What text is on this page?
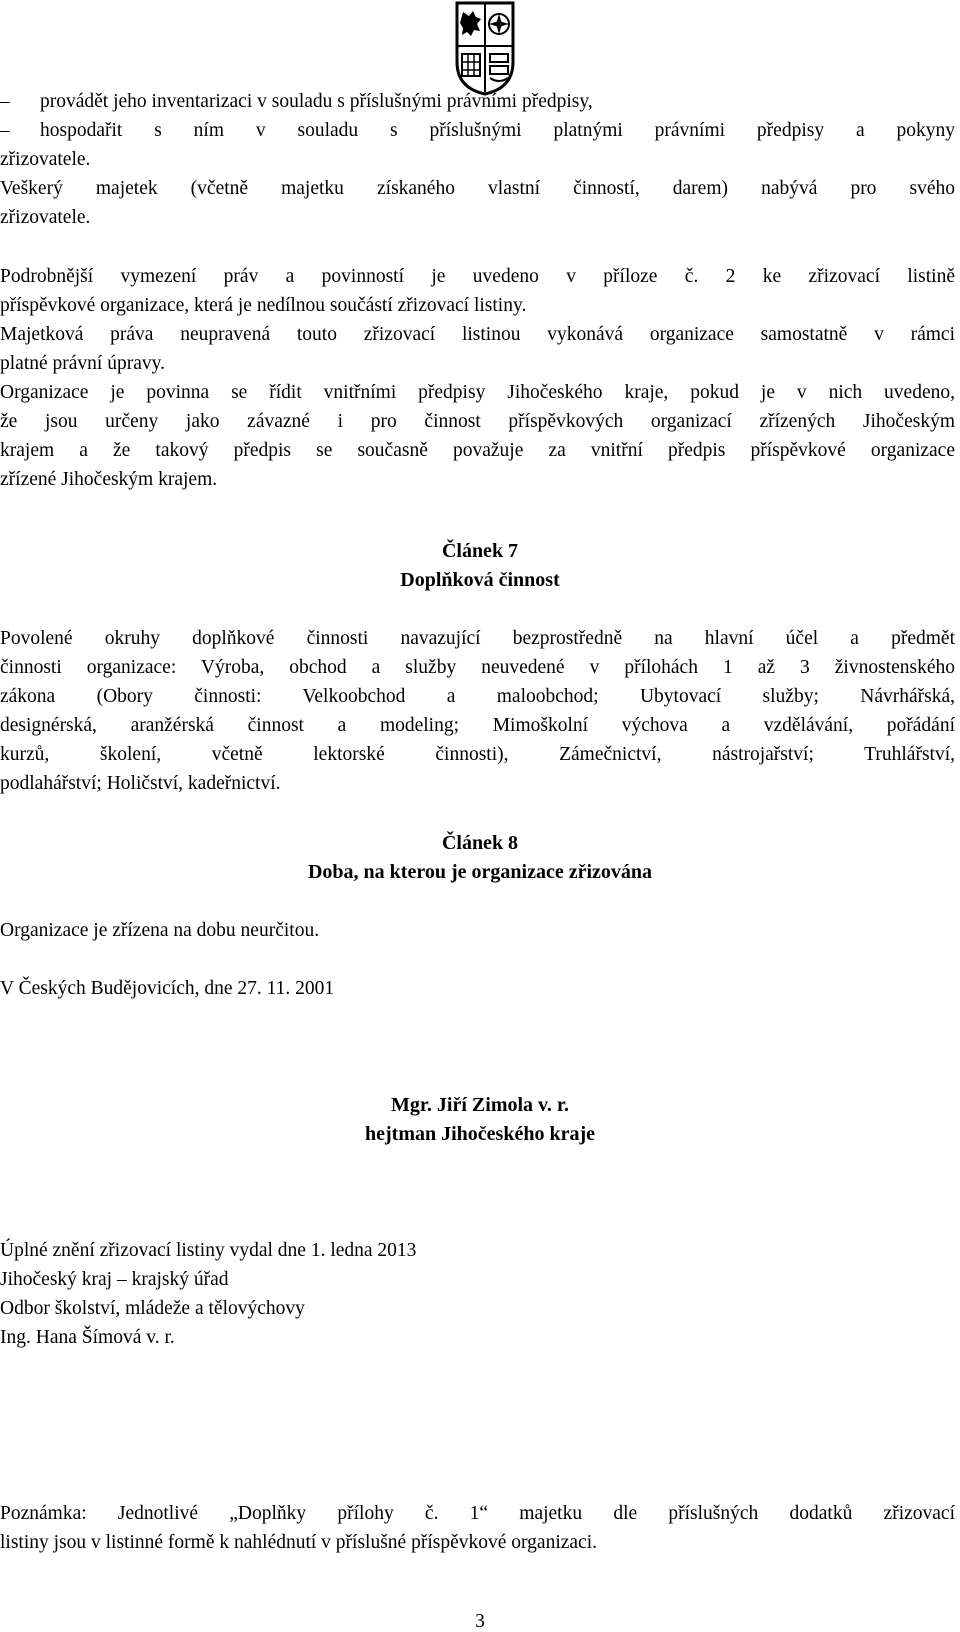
– provádět jeho inventarizaci v souladu s příslušnými právními předpisy,
– hospodařit s ním v souladu s příslušnými platnými právními předpisy a pokyny
zřizovatele.
Veškerý majetek (včetně majetku získaného vlastní činností, darem) nabývá pro svého
zřizovatele.
Podrobnější vymezení práv a povinností je uvedeno v příloze č. 2 ke zřizovací listině
příspěvkové organizace, která je nedílnou součástí zřizovací listiny.
Majetková práva neupravená touto zřizovací listinou vykonává organizace samostatně v rámci
platné právní úpravy.
Organizace je povinna se řídit vnitřními předpisy Jihočeského kraje, pokud je v nich uvedeno,
že jsou určeny jako závazné i pro činnost příspěvkových organizací zřízených Jihočeským
krajem a že takový předpis se současně považuje za vnitřní předpis příspěvkové organizace
zřízené Jihočeským krajem.
Článek 7
Doplňková činnost
Povolené okruhy doplňkové činnosti navazující bezprostředně na hlavní účel a předmět
činnosti organizace: Výroba, obchod a služby neuvedené v přílohách 1 až 3 živnostenského
zákona (Obory činnosti: Velkoobchod a maloobchod; Ubytovací služby; Návrhářská,
designérská, aranžérská činnost a modeling; Mimoškolní výchova a vzdělávání, pořádání
kurzů, školení, včetně lektorské činnosti), Zámečnictví, nástrojařství; Truhlářství,
podlahářství; Holičství, kadeřnictví.
Článek 8
Doba, na kterou je organizace zřizována
Organizace je zřízena na dobu neurčitou.
V Českých Budějovicích, dne 27. 11. 2001
Mgr. Jiří Zimola v. r.
hejtman Jihočeského kraje
Úplné znění zřizovací listiny vydal dne 1. ledna 2013
Jihočeský kraj – krajský úřad
Odbor školství, mládeže a tělovýchovy
Ing. Hana Šímová v. r.
Poznámka: Jednotlivé „Doplňky přílohy č. 1“ majetku dle příslušných dodatků zřizovací
listiny jsou v listinné formě k nahlédnutí v příslušné příspěvkové organizaci.
3
